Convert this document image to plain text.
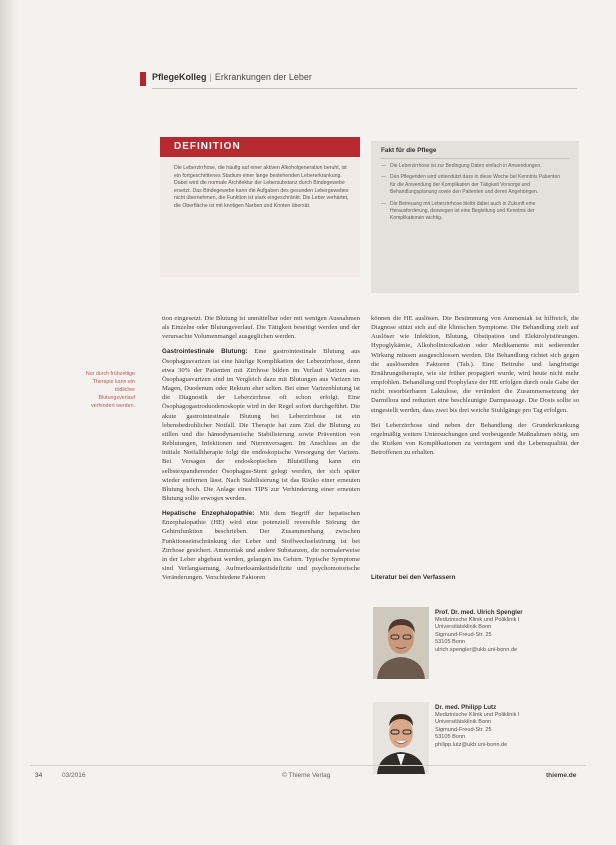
PflegeKolleg | Erkrankungen der Leber
DEFINITION
Die Leberzirrhose, die häufig auf einer aktiven Alkoholgeneration beruht, ist ein fortgeschrittenes Stadium einer lange bestehenden Lebererkrankung. Dabei wird die normale Architektur der Lebersubstanz durch Bindegewebe ersetzt. Das Bindegewebe kann die Aufgaben des gesunden Lebergewebes nicht übernehmen, die Funktion ist stark eingeschränkt. Die Leber verhärtet, die Oberfläche ist mit knotigen Narben und Knoten übersät.
Fakt für die Pflege
— Die Leberzirrhose ist zur Bedingung Daten einfach in Anwendungen.
— Den Pflegenden wird unterstützt dass in diese Woche bei Kenntnis Patienten für die Anwendung der Komplikation der Tätigkeit Vorsorge und Behandlungsplanung sowie den Patienten und deren Angehörigen.
— Die Betreuung mit Leberzirrhose bleibt dabei auch in Zukunft eine Herausforderung, deswegen ist eine Begleitung und Kenntnis der Komplikationen wichtig.
Nur durch frühzeitige Therapie kann ein tödlicher Blutungsverlauf verhindert werden.

tion eingesetzt. Die Blutung ist unmittelbar oder mit wenigen Ausnahmen als Einzelne oder Blutungsverlauf. Die Tätigkeit beseitigt werden und der verursachte Volumenmangel ausgeglichen werden.

Gastrointestinale Blutung: Eine gastrointestinale Blutung aus Ösophagusvarizen ist eine häufige Komplikation der Leberzirrhose, denn etwa 30% der Patienten mit Zirrhose bilden im Verlauf Varizen aus. Ösophagusvarizen sind im Vergleich dazu mit Blutungen aus Varizen im Magen, Duodenum oder Rektum eher selten. Bei einer Varizenblutung ist die Diagnostik der Leberzirrhose oft schon erfolgt. Eine Ösophagogastroduodenoskopie wird in der Regel sofort durchgeführt. Die akute gastrointestinale Blutung bei Leberzirrhose ist ein lebensbedrohlicher Notfall. Die Therapie hat zum Ziel die Blutung zu stillen und die hämodynamische Stabilisierung sowie Prävention von Reblutungen, Infektionen und Nierenversagen. Im Anschluss an die initiale Notfalltherapie folgt die endoskopische Versorgung der Varizen. Bei Versagen der endoskopischen Blutstillung kann ein selbstexpandierender Ösophagus-Stent gelegt werden, der sich später wieder entfernen lässt. Nach Stabilisierung ist das Risiko einer erneuten Blutung hoch. Die Anlage eines TIPS zur Verhinderung einer erneuten Blutung sollte erwogen werden.

Hepatische Enzephalopathie: Mit dem Begriff der hepatischen Enzephalopathie (HE) wird eine potenziell reversible Störung der Gehirnfunktion beschrieben. Der Zusammenhang zwischen Funktionseinschränkung der Leber und Stoffwechselstörung ist bei Zirrhose gesichert. Ammoniak und andere Substanzen, die normalerweise in der Leber abgebaut werden, gelangen ins Gehirn. Typische Symptome sind Verlangsamung, Aufmerksamkeitsdefizite und psychomotorische Veränderungen. Verschiedene Faktoren

können die HE auslösen. Die Bestimmung von Ammoniak ist hilfreich, die Diagnose stützt sich auf die klinischen Symptome. Die Behandlung zielt auf Auslöser wie Infektion, Blutung, Obstipation und Elektrolytstörungen. Hypoglykämie, Alkoholintoxikation oder Medikamente mit sedierender Wirkung müssen ausgeschlossen werden. Die Behandlung richtet sich gegen die auslösenden Faktoren (Tab.). Eine Bettruhe und langfristige Ernährungstherapie, wie sie früher propagiert wurde, wird heute nicht mehr empfohlen. Behandlung und Prophylaxe der HE erfolgen durch orale Gabe der nicht resorbierbaren Laktulose, die verändert die Zusammensetzung der Darmflora und reduziert eine beschleunigte Darmpassage. Die Dosis sollte so eingestellt werden, dass zwei bis drei weiche Stuhlgänge pro Tag erfolgen.

Bei Leberzirrhose sind neben der Behandlung der Grunderkrankung regelmäßig weitere Untersuchungen und vorbeugende Maßnahmen nötig, um die Risiken von Komplikationen zu verringern und die Lebensqualität der Betroffenen zu erhalten.

Literatur bei den Verfassern
Prof. Dr. med. Ulrich Spengler
Medizinische Klinik und Poliklinik I
Universitätsklinik Bonn
Sigmund-Freud-Str. 25
53105 Bonn
ulrich.spengler@ukb.uni-bonn.de
Dr. med. Philipp Lutz
Medizinische Klinik und Poliklinik I
Universitätsklinik Bonn
Sigmund-Freud-Str. 25
53105 Bonn
philipp.lutz@ukb.uni-bonn.de
34	03/2016	© Thieme Verlag	thieme.de
